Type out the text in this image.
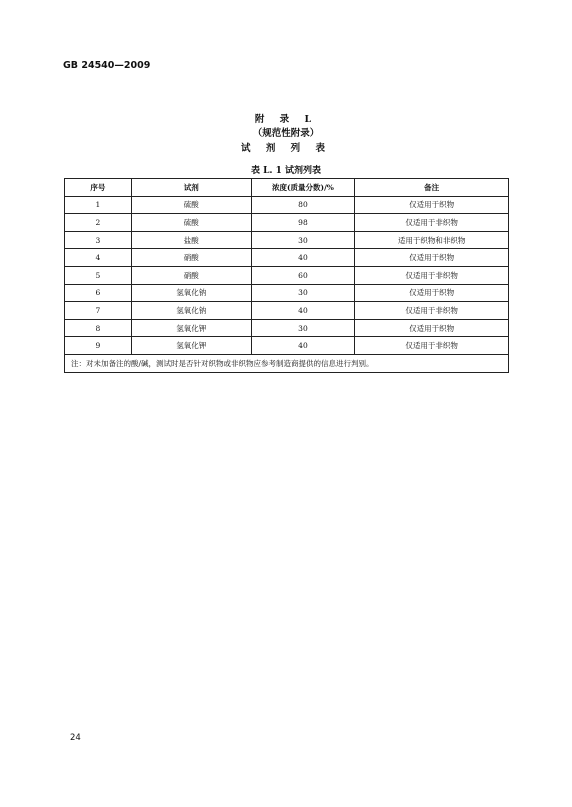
GB 24540—2009
附 录 L
（规范性附录）
试 剂 列 表
表 L. 1 试剂列表
序号	试剂	浓度(质量分数)/%	备注
1	硫酸	80	仅适用于织物
2	硫酸	98	仅适用于非织物
3	盐酸	30	适用于织物和非织物
4	硝酸	40	仅适用于织物
5	硝酸	60	仅适用于非织物
6	氢氧化钠	30	仅适用于织物
7	氢氧化钠	40	仅适用于非织物
8	氢氧化钾	30	仅适用于织物
9	氢氧化钾	40	仅适用于非织物
注：对未加备注的酸/碱，测试时是否针对织物或非织物应参考制造商提供的信息进行判别。			
24
